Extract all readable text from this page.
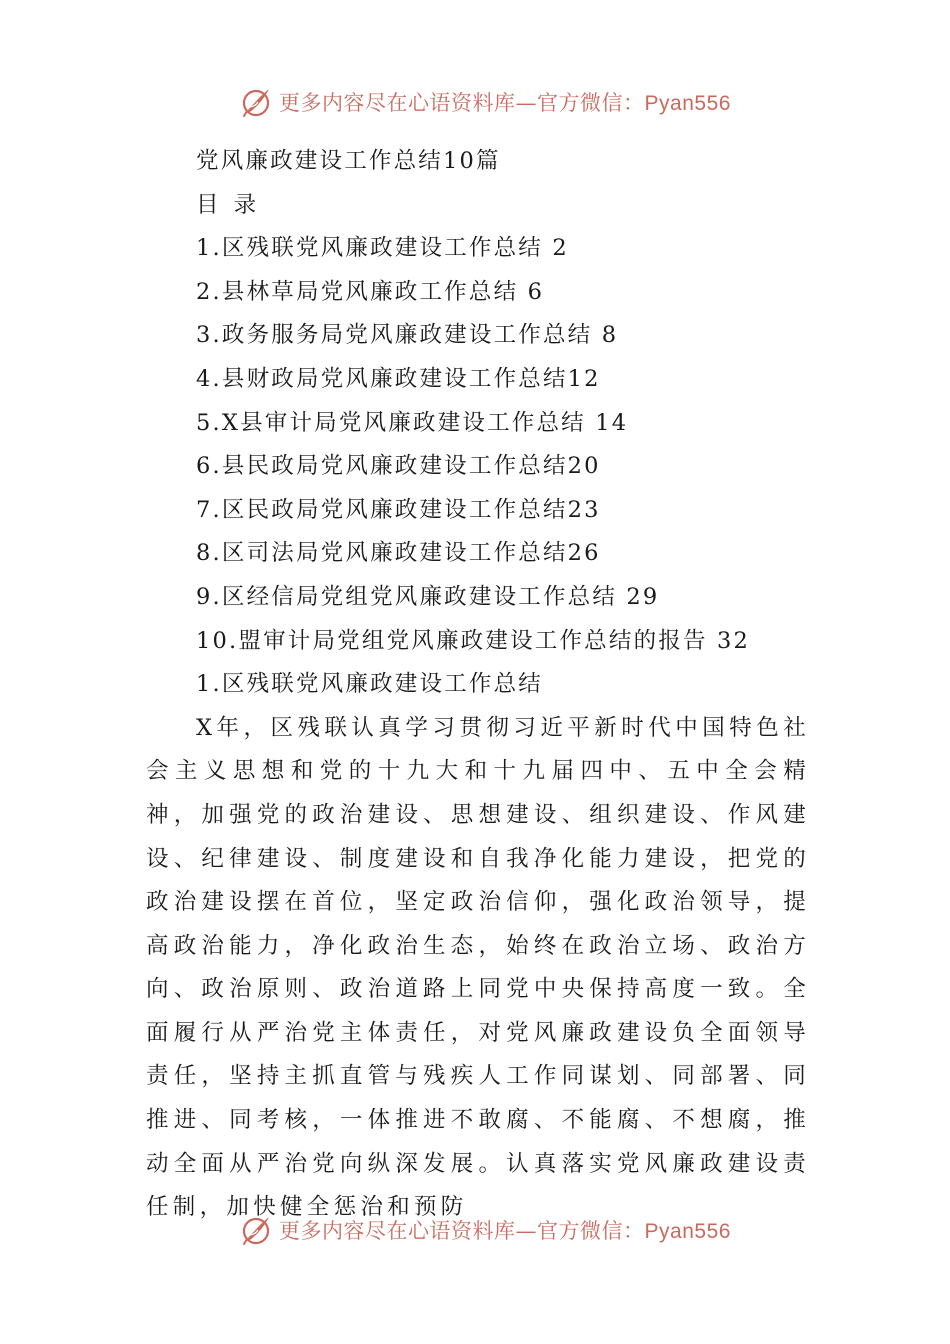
更多内容尽在心语资料库—官方微信：Pyan556
党风廉政建设工作总结10篇
目 录
1.区残联党风廉政建设工作总结 2
2.县林草局党风廉政工作总结 6
3.政务服务局党风廉政建设工作总结 8
4.县财政局党风廉政建设工作总结12
5.X县审计局党风廉政建设工作总结 14
6.县民政局党风廉政建设工作总结20
7.区民政局党风廉政建设工作总结23
8.区司法局党风廉政建设工作总结26
9.区经信局党组党风廉政建设工作总结 29
10.盟审计局党组党风廉政建设工作总结的报告 32
1.区残联党风廉政建设工作总结

X年，区残联认真学习贯彻习近平新时代中国特色社会主义思想和党的十九大和十九届四中、五中全会精神，加强党的政治建设、思想建设、组织建设、作风建设、纪律建设、制度建设和自我净化能力建设，把党的政治建设摆在首位，坚定政治信仰，强化政治领导，提高政治能力，净化政治生态，始终在政治立场、政治方向、政治原则、政治道路上同党中央保持高度一致。全面履行从严治党主体责任，对党风廉政建设负全面领导责任，坚持主抓直管与残疾人工作同谋划、同部署、同推进、同考核，一体推进不敢腐、不能腐、不想腐，推动全面从严治党向纵深发展。认真落实党风廉政建设责任制，加快健全惩治和预防

更多内容尽在心语资料库—官方微信：Pyan556
